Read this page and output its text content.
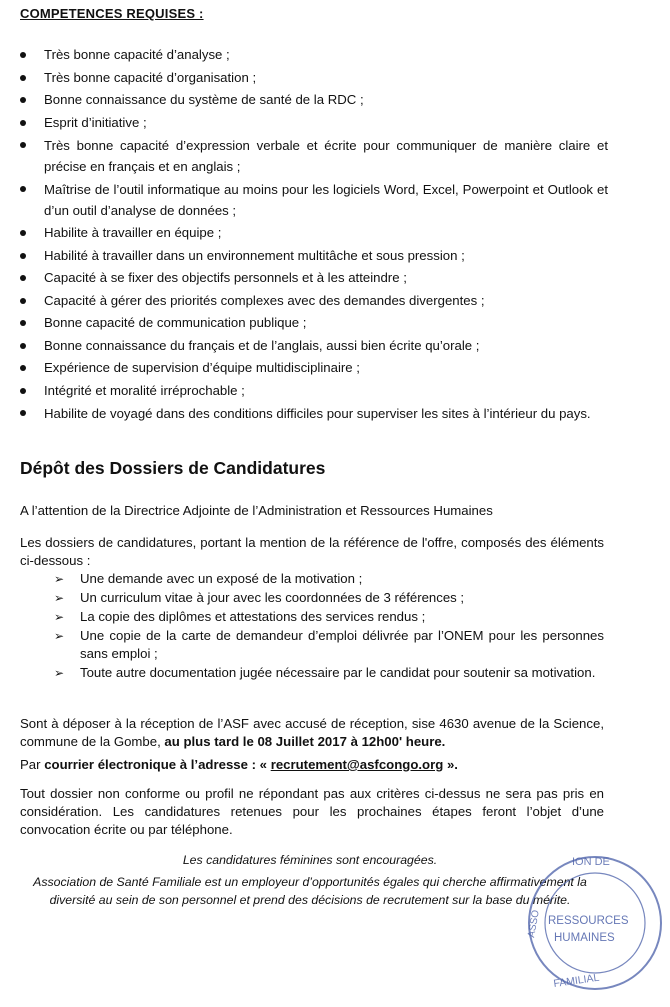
COMPETENCES REQUISES :
Très bonne capacité d’analyse ;
Très bonne capacité d’organisation ;
Bonne connaissance du système de santé de la RDC ;
Esprit d’initiative ;
Très bonne capacité d’expression verbale et écrite pour communiquer de manière claire et précise en français et en anglais ;
Maîtrise de l’outil informatique au moins pour les logiciels Word, Excel, Powerpoint et Outlook et d’un outil d’analyse de données ;
Habilite à travailler en équipe ;
Habilité à travailler dans un environnement multitâche et sous pression ;
Capacité à se fixer des objectifs personnels et à les atteindre ;
Capacité à gérer des priorités complexes avec des demandes divergentes ;
Bonne capacité de communication publique ;
Bonne connaissance du français et de l’anglais, aussi bien écrite qu’orale ;
Expérience de supervision d’équipe multidisciplinaire ;
Intégrité et moralité irréprochable ;
Habilite de voyagé dans des conditions difficiles pour superviser les sites à l’intérieur du pays.
Dépôt des Dossiers de Candidatures
A l’attention de la Directrice Adjointe de l’Administration et Ressources Humaines
Les dossiers de candidatures, portant la mention de la référence de l'offre, composés des éléments ci-dessous :
➢ Une demande avec un exposé de la motivation ;
➢ Un curriculum vitae à jour avec les coordonnées de 3 références ;
➢ La copie des diplômes et attestations des services rendus ;
➢ Une copie de la carte de demandeur d’emploi délivrée par l’ONEM pour les personnes sans emploi ;
➢ Toute autre documentation jugée nécessaire par le candidat pour soutenir sa motivation.
Sont à déposer à la réception de l’ASF avec accusé de réception, sise 4630 avenue de la Science, commune de la Gombe, au plus tard le 08 Juillet 2017 à 12h00' heure.
Par courrier électronique à l’adresse : « recrutement@asfcongo.org ».
Tout dossier non conforme ou profil ne répondant pas aux critères ci-dessus ne sera pas pris en considération. Les candidatures retenues pour les prochaines étapes feront l’objet d’une convocation écrite ou par téléphone.
Les candidatures féminines sont encouragées.
Association de Santé Familiale est un employeur d’opportunités égales qui cherche affirmativement la
diversité au sein de son personnel et prend des décisions de recrutement sur la base du mérite.
ION DE
ASSO RESSOURCES
HUMAINES
FAMILIAL
